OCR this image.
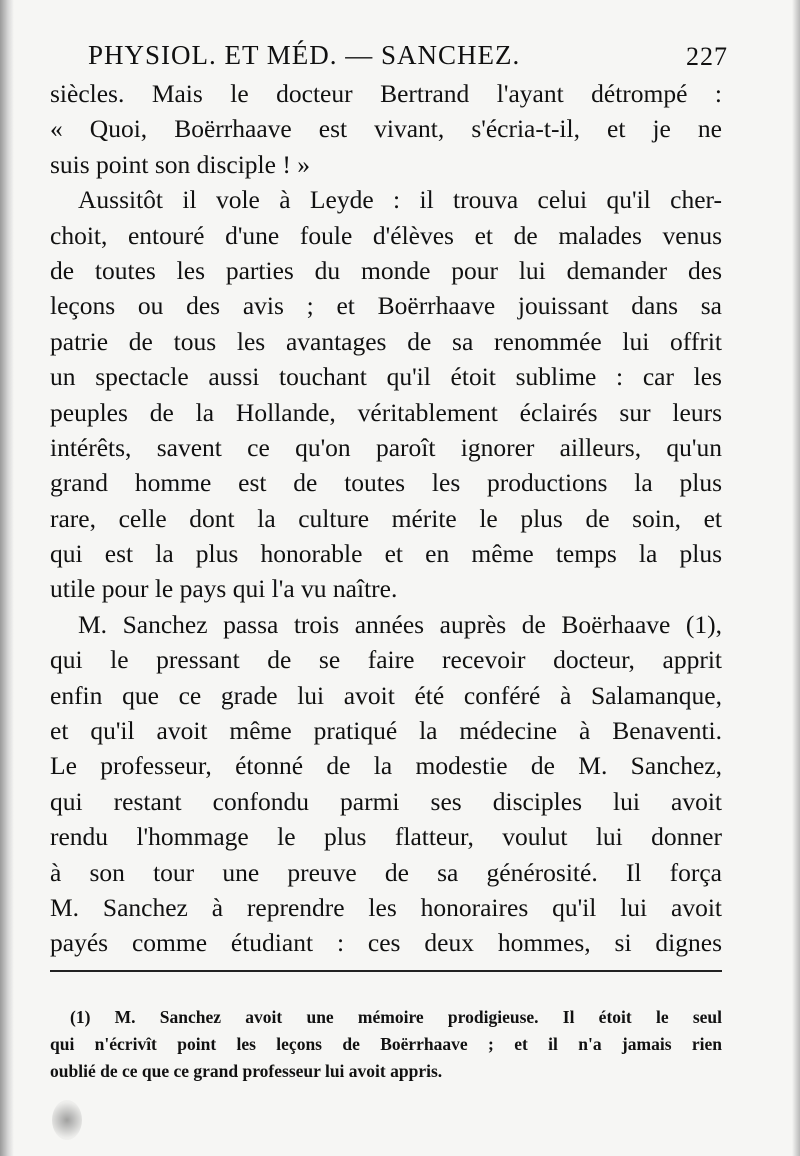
PHYSIOL. ET MÉD. — SANCHEZ.	227
siècles. Mais le docteur Bertrand l'ayant détrompé :
« Quoi, Boërrhaave est vivant, s'écria-t-il, et je ne
suis point son disciple ! »
Aussitôt il vole à Leyde : il trouva celui qu'il cher-
choit, entouré d'une foule d'élèves et de malades venus
de toutes les parties du monde pour lui demander des
leçons ou des avis ; et Boërrhaave jouissant dans sa
patrie de tous les avantages de sa renommée lui offrit
un spectacle aussi touchant qu'il étoit sublime : car les
peuples de la Hollande, véritablement éclairés sur leurs
intérêts, savent ce qu'on paroît ignorer ailleurs, qu'un
grand homme est de toutes les productions la plus
rare, celle dont la culture mérite le plus de soin, et
qui est la plus honorable et en même temps la plus
utile pour le pays qui l'a vu naître.
M. Sanchez passa trois années auprès de Boërhaave (1),
qui le pressant de se faire recevoir docteur, apprit
enfin que ce grade lui avoit été conféré à Salamanque,
et qu'il avoit même pratiqué la médecine à Benaventi.
Le professeur, étonné de la modestie de M. Sanchez,
qui restant confondu parmi ses disciples lui avoit
rendu l'hommage le plus flatteur, voulut lui donner
à son tour une preuve de sa générosité. Il força
M. Sanchez à reprendre les honoraires qu'il lui avoit
payés comme étudiant : ces deux hommes, si dignes
(1) M. Sanchez avoit une mémoire prodigieuse. Il étoit le seul
qui n'écrivît point les leçons de Boërrhaave ; et il n'a jamais rien
oublié de ce que ce grand professeur lui avoit appris.
